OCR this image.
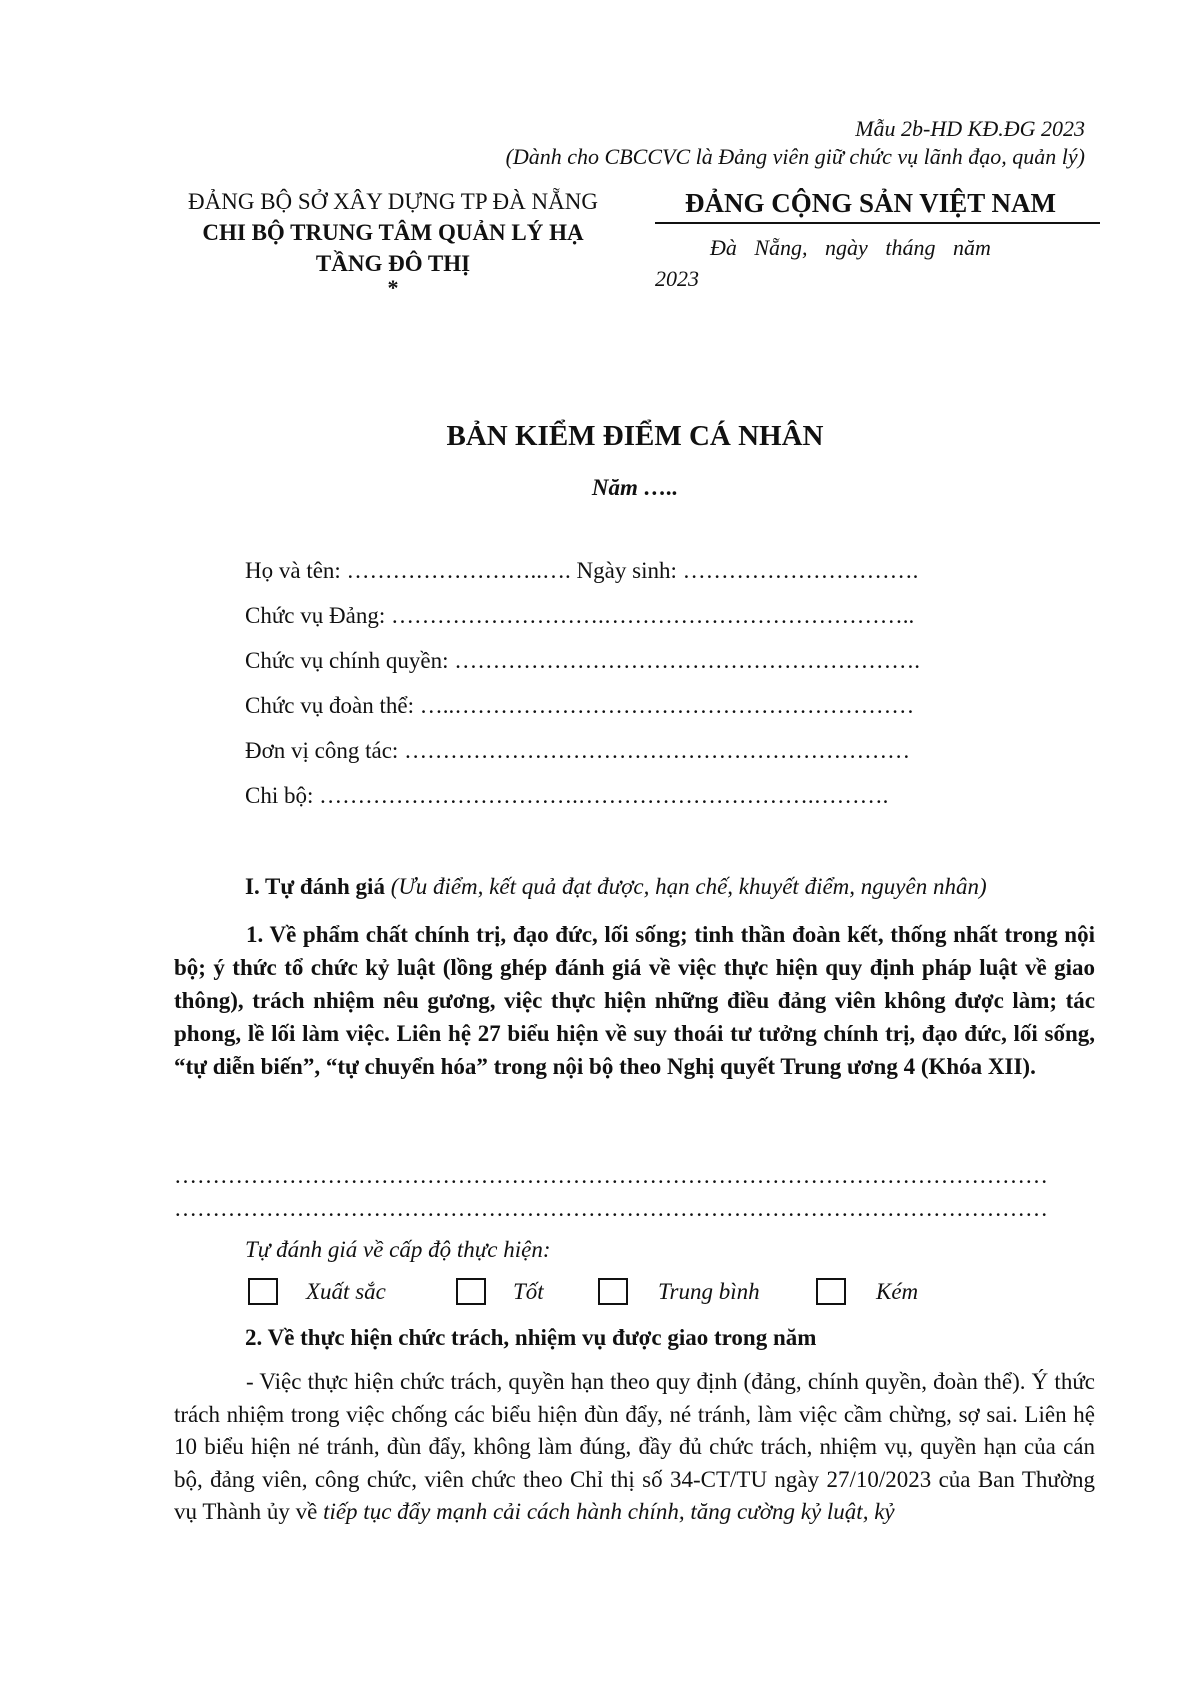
Mẫu 2b-HD KĐ.ĐG 2023
(Dành cho CBCCVC là Đảng viên giữ chức vụ lãnh đạo, quản lý)
ĐẢNG BỘ SỞ XÂY DỰNG TP ĐÀ NẴNG
CHI BỘ TRUNG TÂM QUẢN LÝ HẠ TẦNG ĐÔ THỊ
*
ĐẢNG CỘNG SẢN VIỆT NAM
Đà Nẵng, ngày tháng năm
2023
BẢN KIỂM ĐIỂM CÁ NHÂN
Năm …..
Họ và tên: ……………………..…. Ngày sinh: ………………………….
Chức vụ Đảng: ……………………….…………………………………..
Chức vụ chính quyền: …………………………………………………….
Chức vụ đoàn thể: …..……………………………………………………
Đơn vị công tác: …………………………………………………………
Chi bộ: …………………………….………………………….……….
I. Tự đánh giá (Ưu điểm, kết quả đạt được, hạn chế, khuyết điểm, nguyên nhân)
1. Về phẩm chất chính trị, đạo đức, lối sống; tinh thần đoàn kết, thống nhất trong nội bộ; ý thức tổ chức kỷ luật (lồng ghép đánh giá về việc thực hiện quy định pháp luật về giao thông), trách nhiệm nêu gương, việc thực hiện những điều đảng viên không được làm; tác phong, lề lối làm việc. Liên hệ 27 biểu hiện về suy thoái tư tưởng chính trị, đạo đức, lối sống, “tự diễn biến”, “tự chuyển hóa” trong nội bộ theo Nghị quyết Trung ương 4 (Khóa XII).
……………………………………………………………………………………………………
……………………………………………………………………………………………………
Tự đánh giá về cấp độ thực hiện:
Xuất sắc	Tốt	Trung bình	Kém
2. Về thực hiện chức trách, nhiệm vụ được giao trong năm
- Việc thực hiện chức trách, quyền hạn theo quy định (đảng, chính quyền, đoàn thể). Ý thức trách nhiệm trong việc chống các biểu hiện đùn đẩy, né tránh, làm việc cầm chừng, sợ sai. Liên hệ 10 biểu hiện né tránh, đùn đẩy, không làm đúng, đầy đủ chức trách, nhiệm vụ, quyền hạn của cán bộ, đảng viên, công chức, viên chức theo Chỉ thị số 34-CT/TU ngày 27/10/2023 của Ban Thường vụ Thành ủy về tiếp tục đẩy mạnh cải cách hành chính, tăng cường kỷ luật, kỷ
